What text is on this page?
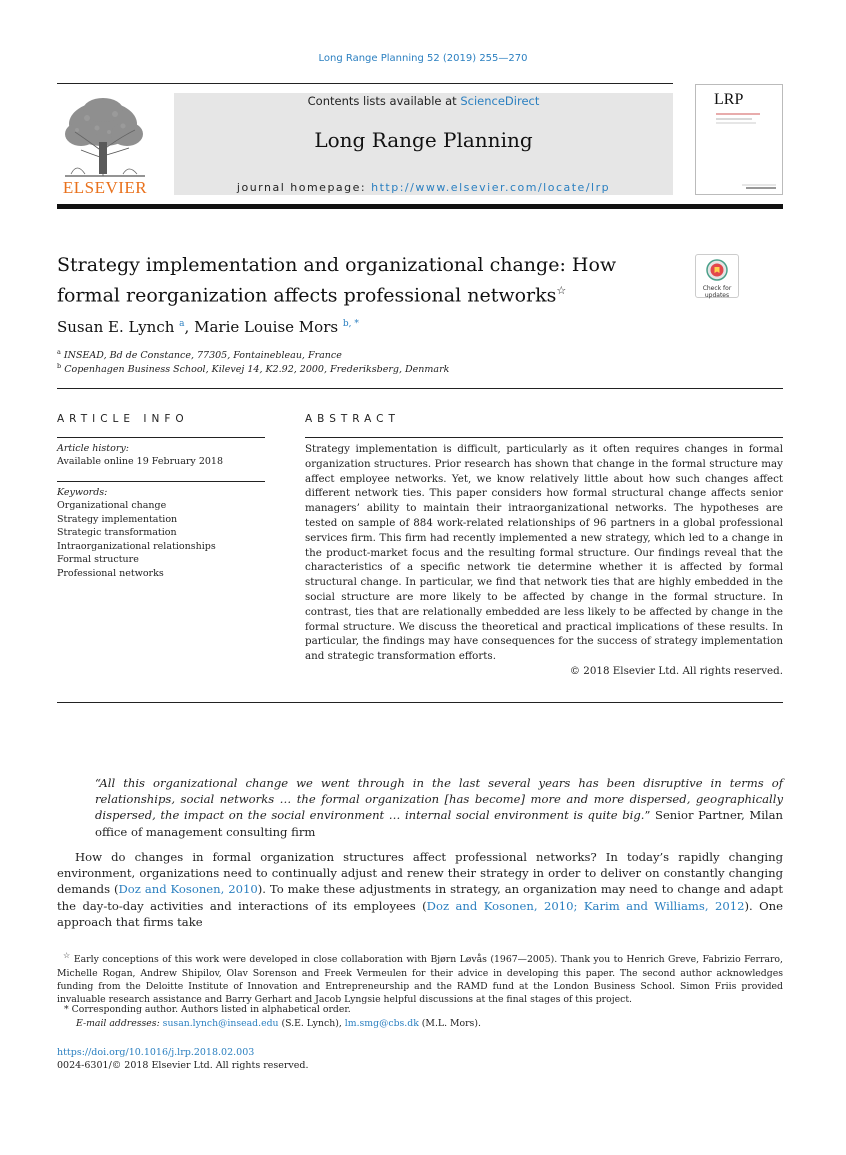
Long Range Planning 52 (2019) 255—270
ELSEVIER
Contents lists available at ScienceDirect
Long Range Planning
journal homepage: http://www.elsevier.com/locate/lrp
LRP
Strategy implementation and organizational change: How formal reorganization affects professional networks☆	Check for updates
Susan E. Lynch $^a$, Marie Louise Mors $^{b, *}$
$^a$ INSEAD, Bd de Constance, 77305, Fontainebleau, France
$^b$ Copenhagen Business School, Kilevej 14, K2.92, 2000, Frederiksberg, Denmark
ARTICLE INFO
Article history:
Available online 19 February 2018
Keywords:
Organizational change
Strategy implementation
Strategic transformation
Intraorganizational relationships
Formal structure
Professional networks
ABSTRACT
Strategy implementation is difficult, particularly as it often requires changes in formal organization structures. Prior research has shown that change in the formal structure may affect employee networks. Yet, we know relatively little about how such changes affect different network ties. This paper considers how formal structural change affects senior managers’ ability to maintain their intraorganizational networks. The hypotheses are tested on sample of 884 work-related relationships of 96 partners in a global professional services firm. This firm had recently implemented a new strategy, which led to a change in the product-market focus and the resulting formal structure. Our findings reveal that the characteristics of a specific network tie determine whether it is affected by formal structural change. In particular, we find that network ties that are highly embedded in the social structure are more likely to be affected by change in the formal structure. In contrast, ties that are relationally embedded are less likely to be affected by change in the formal structure. We discuss the theoretical and practical implications of these results. In particular, the findings may have consequences for the success of strategy implementation and strategic transformation efforts.
© 2018 Elsevier Ltd. All rights reserved.
“All this organizational change we went through in the last several years has been disruptive in terms of relationships, social networks … the formal organization [has become] more and more dispersed, geographically dispersed, the impact on the social environment … internal social environment is quite big.” Senior Partner, Milan office of management consulting firm
How do changes in formal organization structures affect professional networks? In today’s rapidly changing environment, organizations need to continually adjust and renew their strategy in order to deliver on constantly changing demands (Doz and Kosonen, 2010). To make these adjustments in strategy, an organization may need to change and adapt the day-to-day activities and interactions of its employees (Doz and Kosonen, 2010; Karim and Williams, 2012). One approach that firms take
☆ Early conceptions of this work were developed in close collaboration with Bjørn Løvås (1967—2005). Thank you to Henrich Greve, Fabrizio Ferraro, Michelle Rogan, Andrew Shipilov, Olav Sorenson and Freek Vermeulen for their advice in developing this paper. The second author acknowledges funding from the Deloitte Institute of Innovation and Entrepreneurship and the RAMD fund at the London Business School. Simon Friis provided invaluable research assistance and Barry Gerhart and Jacob Lyngsie helpful discussions at the final stages of this project.
* Corresponding author. Authors listed in alphabetical order.
E-mail addresses: susan.lynch@insead.edu (S.E. Lynch), lm.smg@cbs.dk (M.L. Mors).
https://doi.org/10.1016/j.lrp.2018.02.003
0024-6301/© 2018 Elsevier Ltd. All rights reserved.
